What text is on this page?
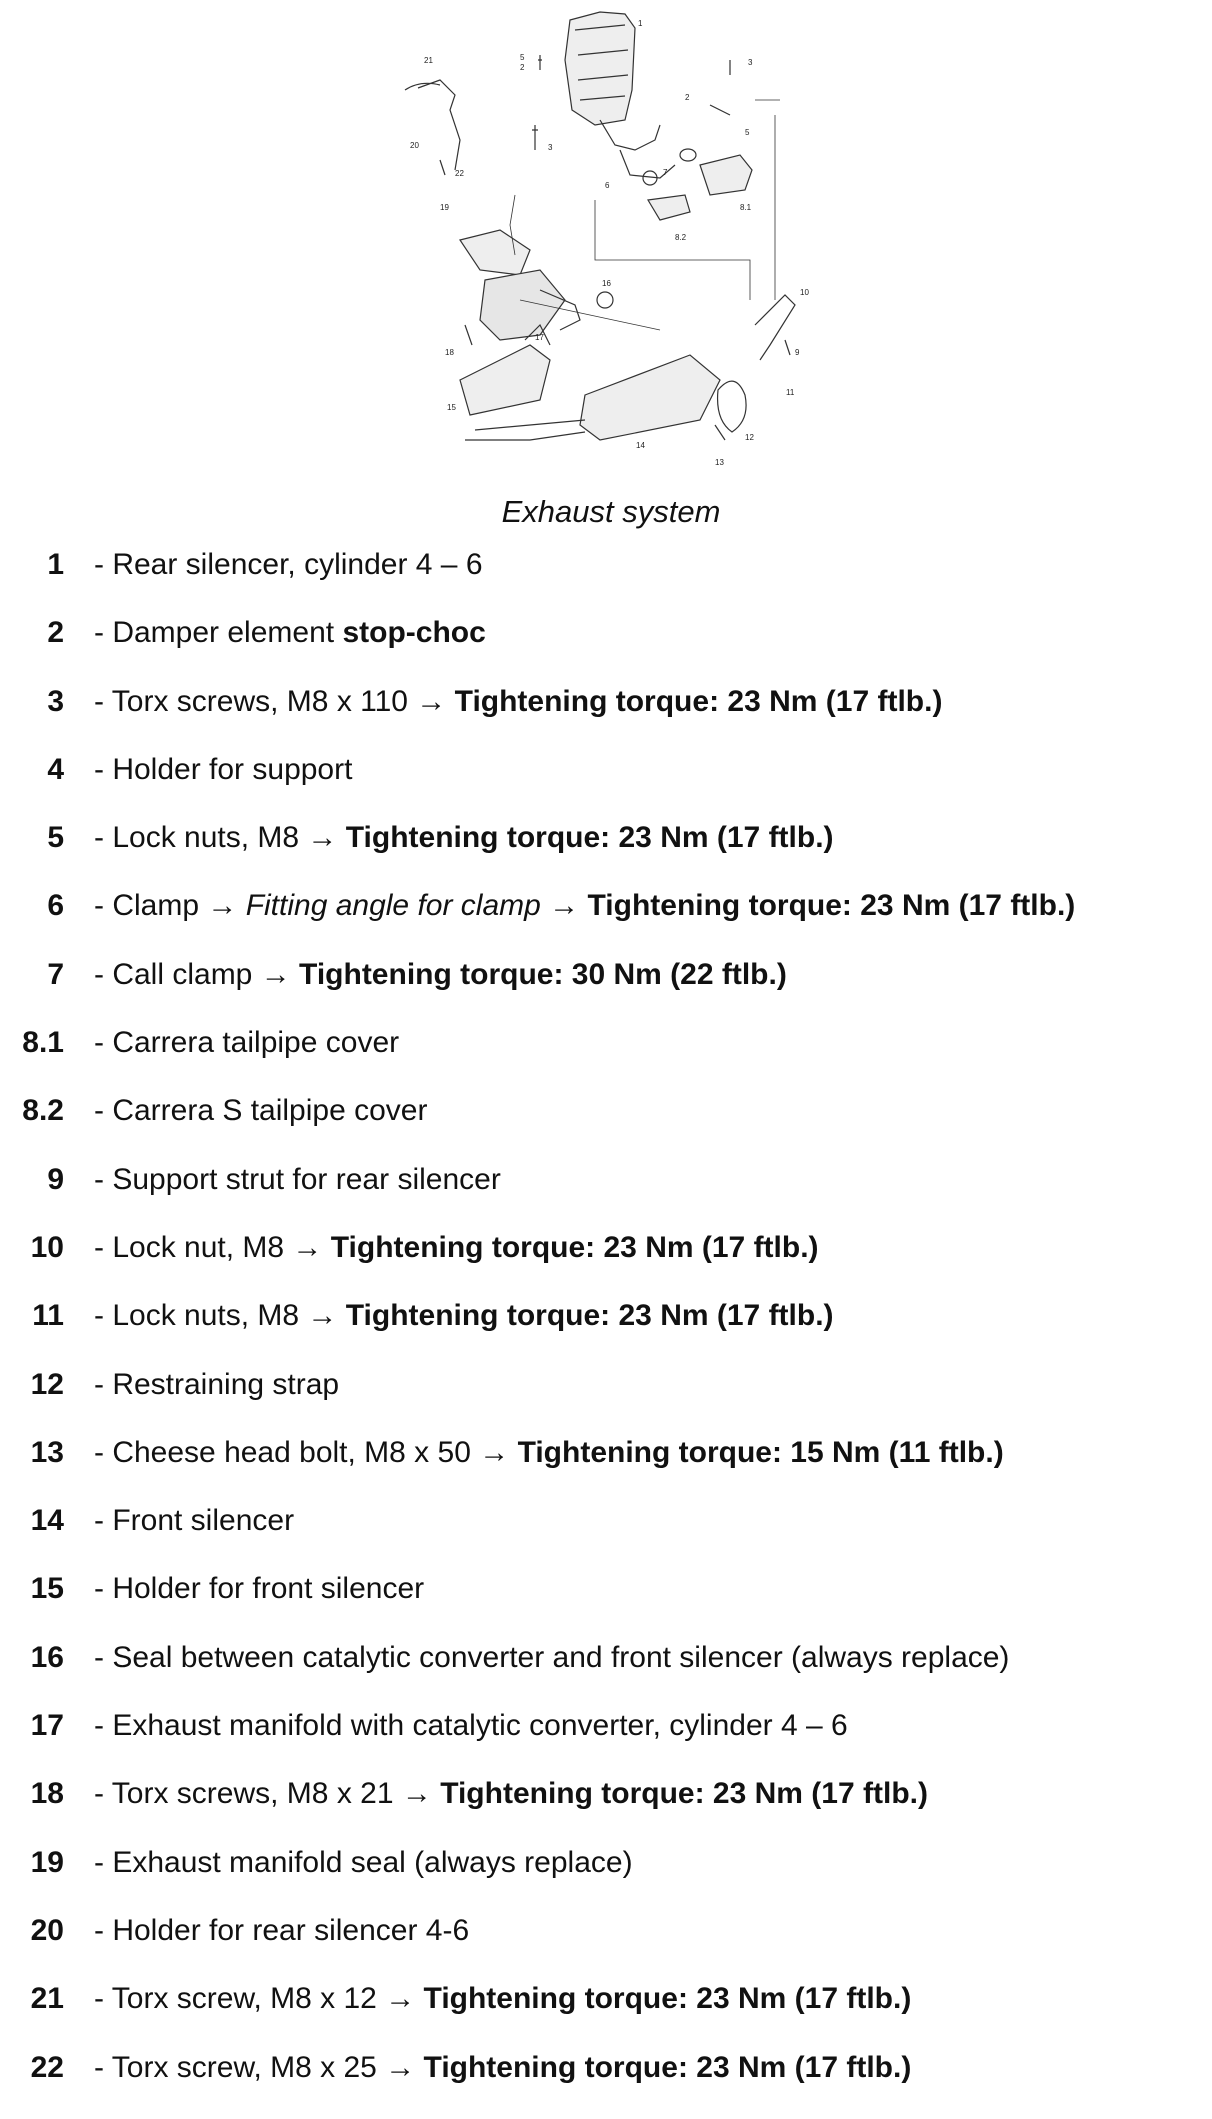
1
2
2
3
3
5
5
20
21
22
6
7
8.1
8.2
9
10
11
12
13
14
15
16
17
18
19
Exhaust system
1 - Rear silencer, cylinder 4 – 6
2 - Damper element stop-choc
3 - Torx screws, M8 x 110 → Tightening torque: 23 Nm (17 ftlb.)
4 - Holder for support
5 - Lock nuts, M8 → Tightening torque: 23 Nm (17 ftlb.)
6 - Clamp → Fitting angle for clamp → Tightening torque: 23 Nm (17 ftlb.)
7 - Call clamp → Tightening torque: 30 Nm (22 ftlb.)
8.1 - Carrera tailpipe cover
8.2 - Carrera S tailpipe cover
9 - Support strut for rear silencer
10 - Lock nut, M8 → Tightening torque: 23 Nm (17 ftlb.)
11 - Lock nuts, M8 → Tightening torque: 23 Nm (17 ftlb.)
12 - Restraining strap
13 - Cheese head bolt, M8 x 50 → Tightening torque: 15 Nm (11 ftlb.)
14 - Front silencer
15 - Holder for front silencer
16 - Seal between catalytic converter and front silencer (always replace)
17 - Exhaust manifold with catalytic converter, cylinder 4 – 6
18 - Torx screws, M8 x 21 → Tightening torque: 23 Nm (17 ftlb.)
19 - Exhaust manifold seal (always replace)
20 - Holder for rear silencer 4-6
21 - Torx screw, M8 x 12 → Tightening torque: 23 Nm (17 ftlb.)
22 - Torx screw, M8 x 25 → Tightening torque: 23 Nm (17 ftlb.)
